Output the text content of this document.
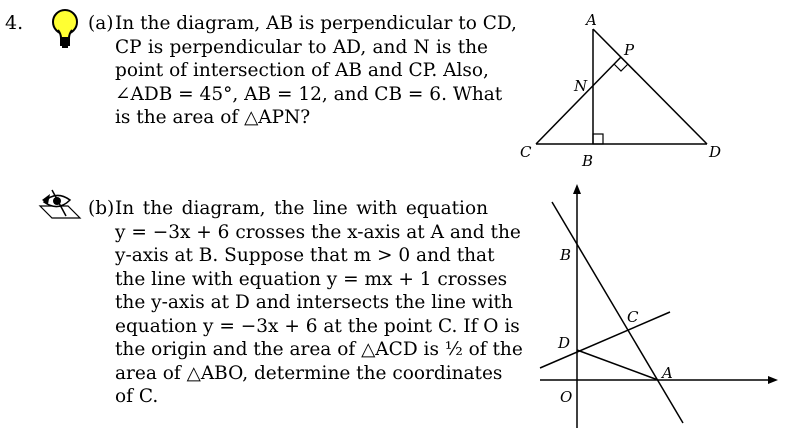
4.	(a)In the diagram, AB is perpendicular to CD,
CP is perpendicular to AD, and N is the
point of intersection of AB and CP. Also,
∠ADB = 45°, AB = 12, and CB = 6. What
is the area of △APN?
(b)In the diagram, the line with equation
y = −3x + 6 crosses the x-axis at A and the
y-axis at B. Suppose that m > 0 and that
the line with equation y = mx + 1 crosses
the y-axis at D and intersects the line with
equation y = −3x + 6 at the point C. If O is
the origin and the area of △ACD is ½ of the
area of △ABO, determine the coordinates
of C.
A
P
N
C	B	D
B
C
D
A
O
